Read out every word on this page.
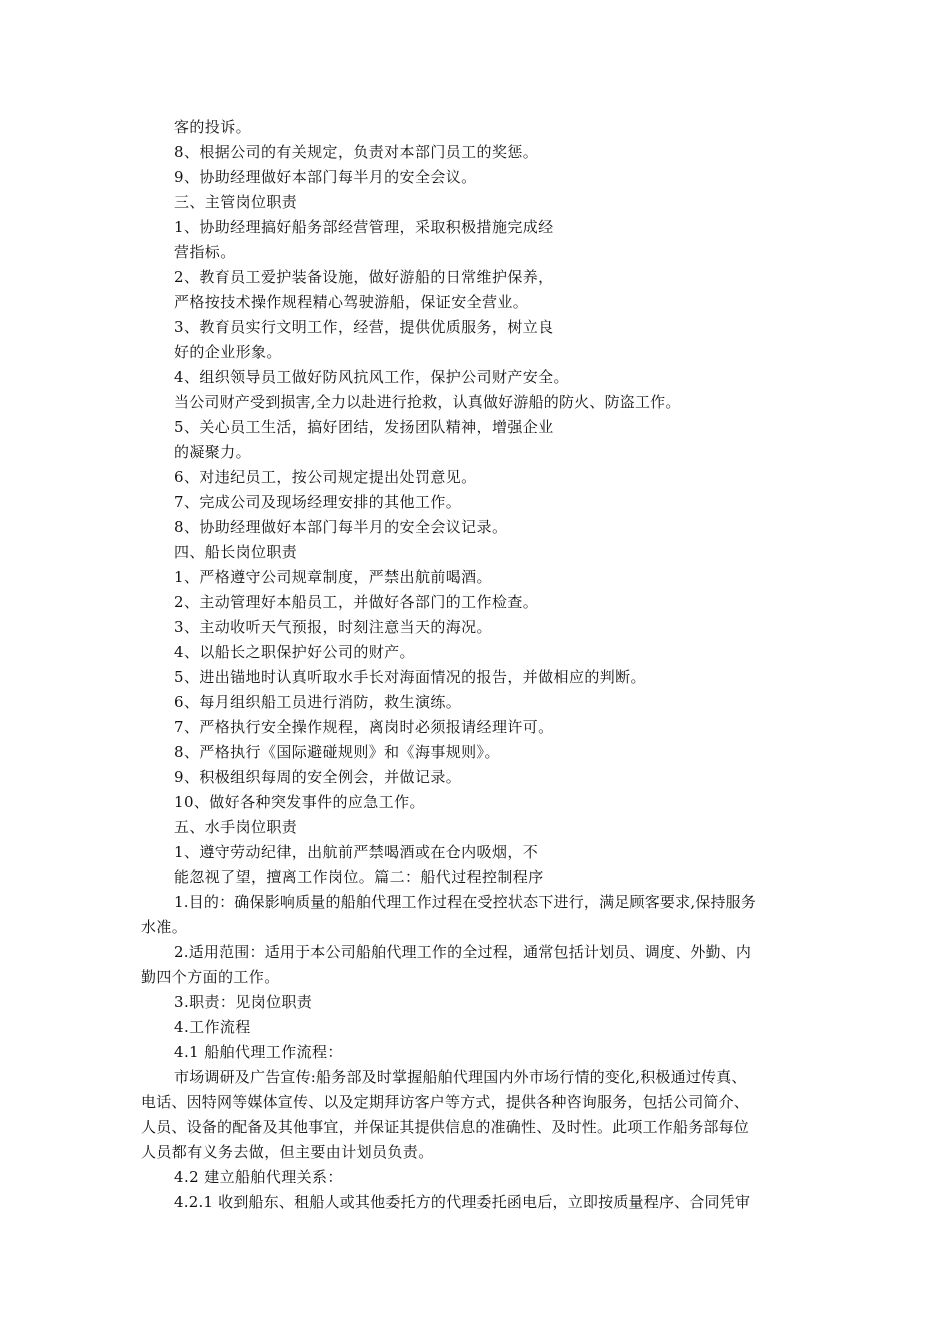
客的投诉。
8、根据公司的有关规定，负责对本部门员工的奖惩。
9、协助经理做好本部门每半月的安全会议。
三、主管岗位职责
1、协助经理搞好船务部经营管理，采取积极措施完成经
营指标。
2、教育员工爱护装备设施，做好游船的日常维护保养，
严格按技术操作规程精心驾驶游船，保证安全营业。
3、教育员实行文明工作，经营，提供优质服务，树立良
好的企业形象。
4、组织领导员工做好防风抗风工作，保护公司财产安全。
当公司财产受到损害,全力以赴进行抢救，认真做好游船的防火、防盗工作。
5、关心员工生活，搞好团结，发扬团队精神，增强企业
的凝聚力。
6、对违纪员工，按公司规定提出处罚意见。
7、完成公司及现场经理安排的其他工作。
8、协助经理做好本部门每半月的安全会议记录。
四、船长岗位职责
1、严格遵守公司规章制度，严禁出航前喝酒。
2、主动管理好本船员工，并做好各部门的工作检查。
3、主动收听天气预报，时刻注意当天的海况。
4、以船长之职保护好公司的财产。
5、进出锚地时认真听取水手长对海面情况的报告，并做相应的判断。
6、每月组织船工员进行消防，救生演练。
7、严格执行安全操作规程，离岗时必须报请经理许可。
8、严格执行《国际避碰规则》和《海事规则》。
9、积极组织每周的安全例会，并做记录。
10、做好各种突发事件的应急工作。
五、水手岗位职责
1、遵守劳动纪律，出航前严禁喝酒或在仓内吸烟，不
能忽视了望，擅离工作岗位。篇二：船代过程控制程序
1.目的：确保影响质量的船舶代理工作过程在受控状态下进行，满足顾客要求,保持服务
水准。
2.适用范围：适用于本公司船舶代理工作的全过程，通常包括计划员、调度、外勤、内
勤四个方面的工作。
3.职责：见岗位职责
4.工作流程
4.1 船舶代理工作流程：
市场调研及广告宣传:船务部及时掌握船舶代理国内外市场行情的变化,积极通过传真、
电话、因特网等媒体宣传、以及定期拜访客户等方式，提供各种咨询服务，包括公司简介、
人员、设备的配备及其他事宜，并保证其提供信息的准确性、及时性。此项工作船务部每位
人员都有义务去做，但主要由计划员负责。
4.2 建立船舶代理关系：
4.2.1 收到船东、租船人或其他委托方的代理委托函电后，立即按质量程序、合同凭审
